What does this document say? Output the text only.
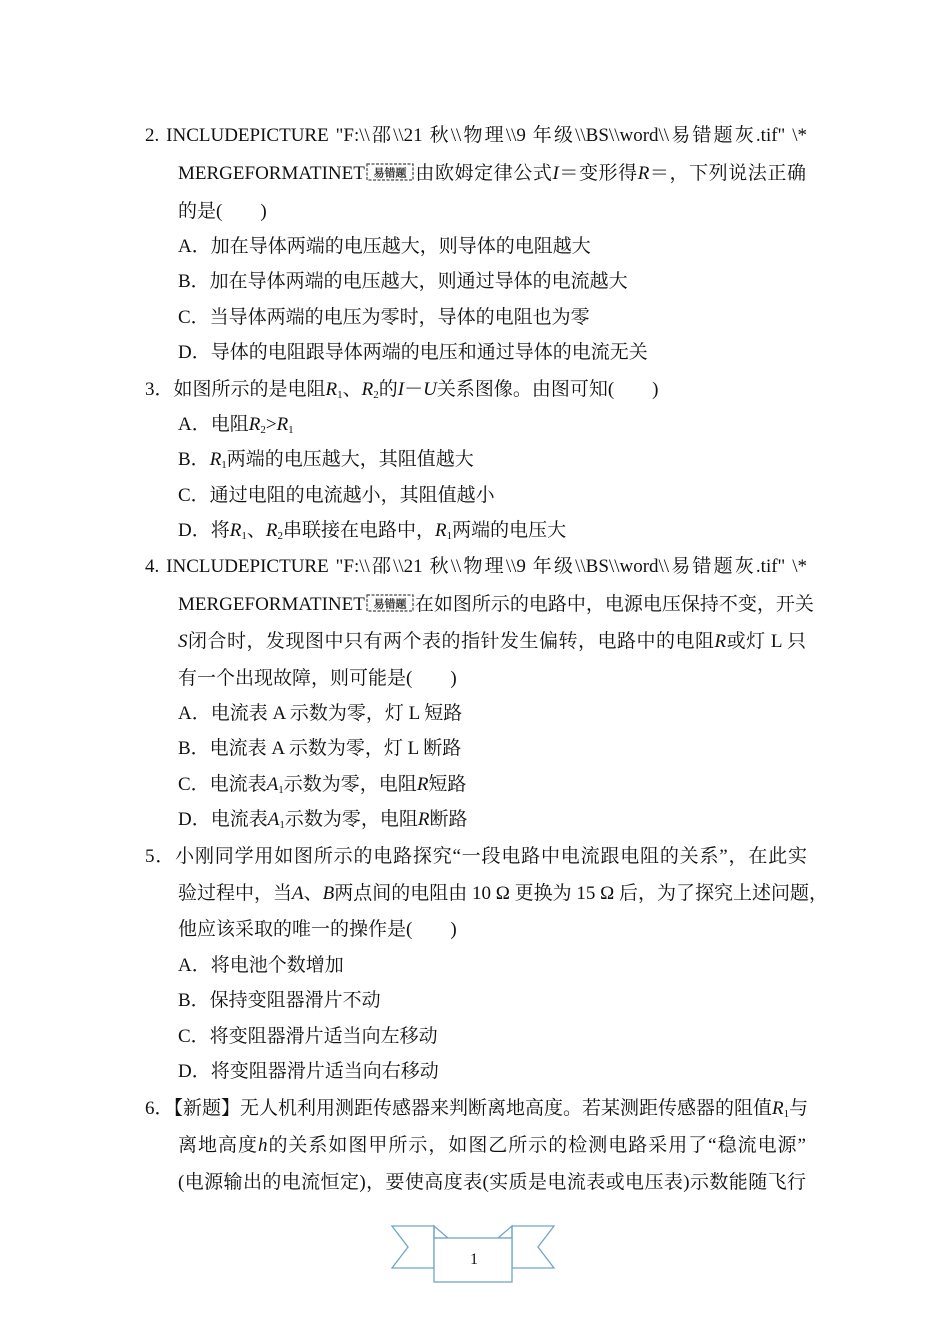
2. INCLUDEPICTURE "F:\\邵\\21 秋\\物理\\9 年级\\BS\\word\\易错题灰.tif" \*
MERGEFORMATINET 易错题 由欧姆定律公式I＝变形得R＝，下列说法正确
的是(　　)
A．加在导体两端的电压越大，则导体的电阻越大
B．加在导体两端的电压越大，则通过导体的电流越大
C．当导体两端的电压为零时，导体的电阻也为零
D．导体的电阻跟导体两端的电压和通过导体的电流无关
3．如图所示的是电阻$R_1$、$R_2$的I－U关系图像。由图可知(　　)
A．电阻$R_2>R_1$
B．$R_1$两端的电压越大，其阻值越大
C．通过电阻的电流越小，其阻值越小
D．将$R_1$、$R_2$串联接在电路中，$R_1$两端的电压大
4. INCLUDEPICTURE "F:\\邵\\21 秋\\物理\\9 年级\\BS\\word\\易错题灰.tif" \*
MERGEFORMATINET 易错题 在如图所示的电路中，电源电压保持不变，开关
S闭合时，发现图中只有两个表的指针发生偏转，电路中的电阻R或灯 L 只
有一个出现故障，则可能是(　　)
A．电流表 A 示数为零，灯 L 短路
B．电流表 A 示数为零，灯 L 断路
C．电流表$A_1$示数为零，电阻R短路
D．电流表$A_1$示数为零，电阻R断路
5．小刚同学用如图所示的电路探究“一段电路中电流跟电阻的关系”，在此实
验过程中，当A、B两点间的电阻由 10 Ω 更换为 15 Ω 后，为了探究上述问题，
他应该采取的唯一的操作是(　　)
A．将电池个数增加
B．保持变阻器滑片不动
C．将变阻器滑片适当向左移动
D．将变阻器滑片适当向右移动
6．【新题】无人机利用测距传感器来判断离地高度。若某测距传感器的阻值$R_1$与
离地高度h的关系如图甲所示，如图乙所示的检测电路采用了“稳流电源”
(电源输出的电流恒定)，要使高度表(实质是电流表或电压表)示数能随飞行
1
